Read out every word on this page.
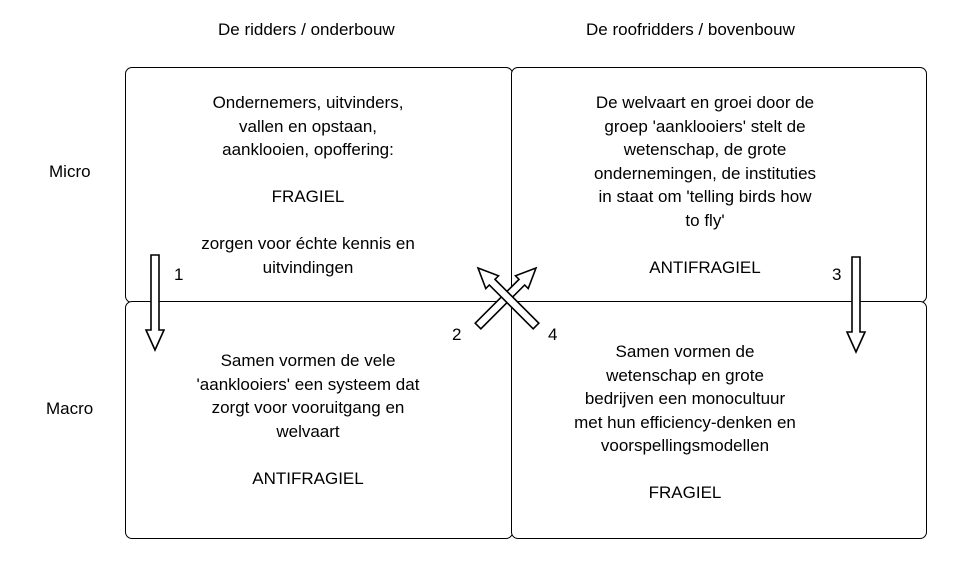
De ridders / onderbouw	De roofridders / bovenbouw
Micro
Macro
Ondernemers, uitvinders,
vallen en opstaan,
aanklooien, opoffering:

FRAGIEL

zorgen voor échte kennis en
uitvindingen
De welvaart en groei door de
groep 'aanklooiers' stelt de
wetenschap, de grote
ondernemingen, de instituties
in staat om 'telling birds how
to fly'

ANTIFRAGIEL
Samen vormen de vele
'aanklooiers' een systeem dat
zorgt voor vooruitgang en
welvaart

ANTIFRAGIEL
Samen vormen de
wetenschap en grote
bedrijven een monocultuur
met hun efficiency-denken en
voorspellingsmodellen

FRAGIEL
1
2
3
4
